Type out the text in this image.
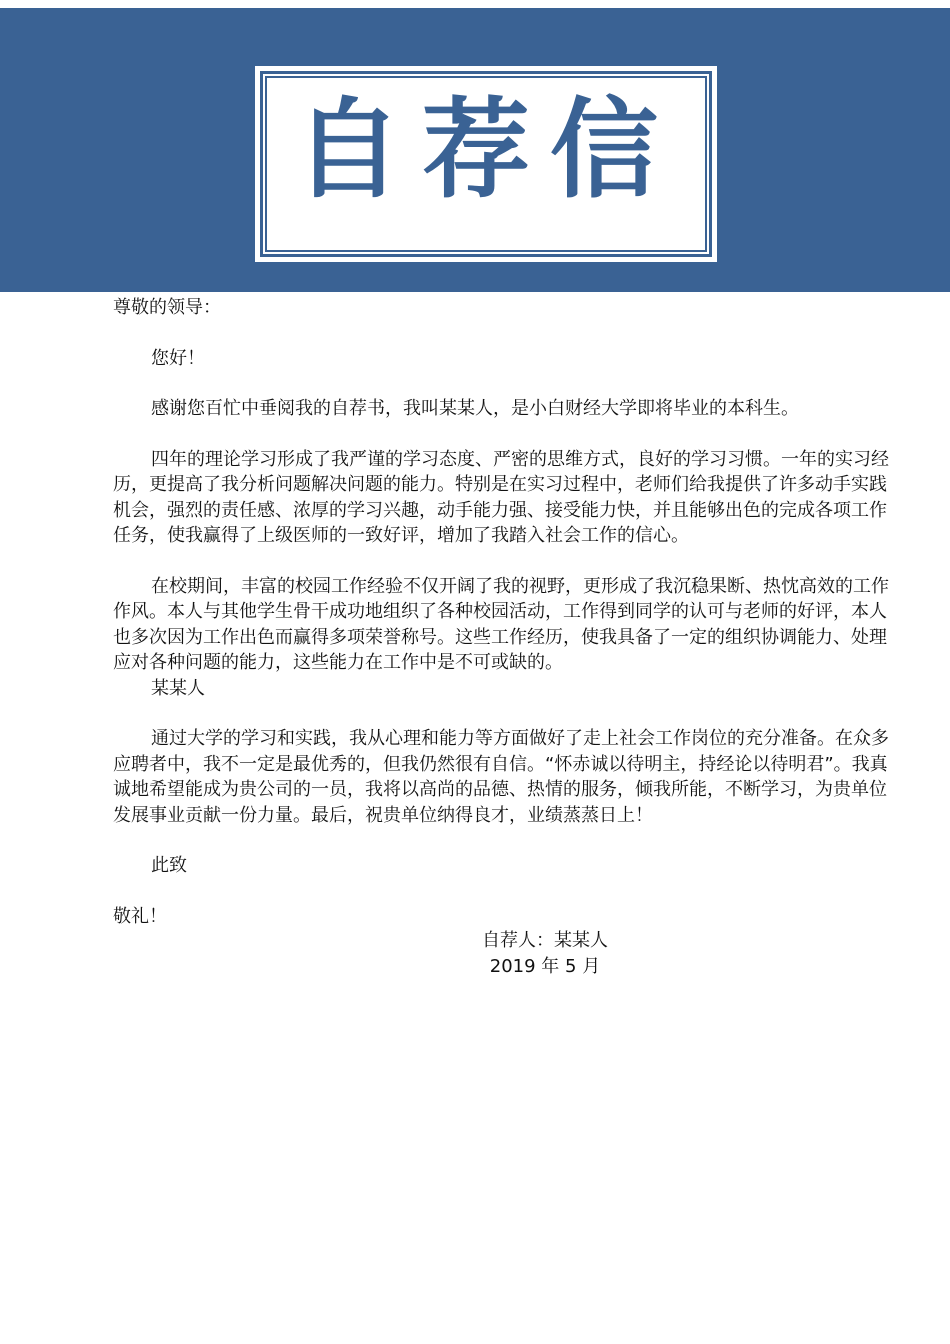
自荐信

尊敬的领导：

您好！

感谢您百忙中垂阅我的自荐书，我叫某某人，是小白财经大学即将毕业的本科生。

四年的理论学习形成了我严谨的学习态度、严密的思维方式，良好的学习习惯。一年的实习经历，更提高了我分析问题解决问题的能力。特别是在实习过程中，老师们给我提供了许多动手实践机会，强烈的责任感、浓厚的学习兴趣，动手能力强、接受能力快，并且能够出色的完成各项工作任务，使我赢得了上级医师的一致好评，增加了我踏入社会工作的信心。

在校期间，丰富的校园工作经验不仅开阔了我的视野，更形成了我沉稳果断、热忱高效的工作作风。本人与其他学生骨干成功地组织了各种校园活动，工作得到同学的认可与老师的好评，本人也多次因为工作出色而赢得多项荣誉称号。这些工作经历，使我具备了一定的组织协调能力、处理应对各种问题的能力，这些能力在工作中是不可或缺的。

某某人

通过大学的学习和实践，我从心理和能力等方面做好了走上社会工作岗位的充分准备。在众多应聘者中，我不一定是最优秀的，但我仍然很有自信。“怀赤诚以待明主，持经论以待明君”。我真诚地希望能成为贵公司的一员，我将以高尚的品德、热情的服务，倾我所能，不断学习，为贵单位发展事业贡献一份力量。最后，祝贵单位纳得良才，业绩蒸蒸日上！

此致

敬礼！

自荐人：某某人
2019 年 5 月
